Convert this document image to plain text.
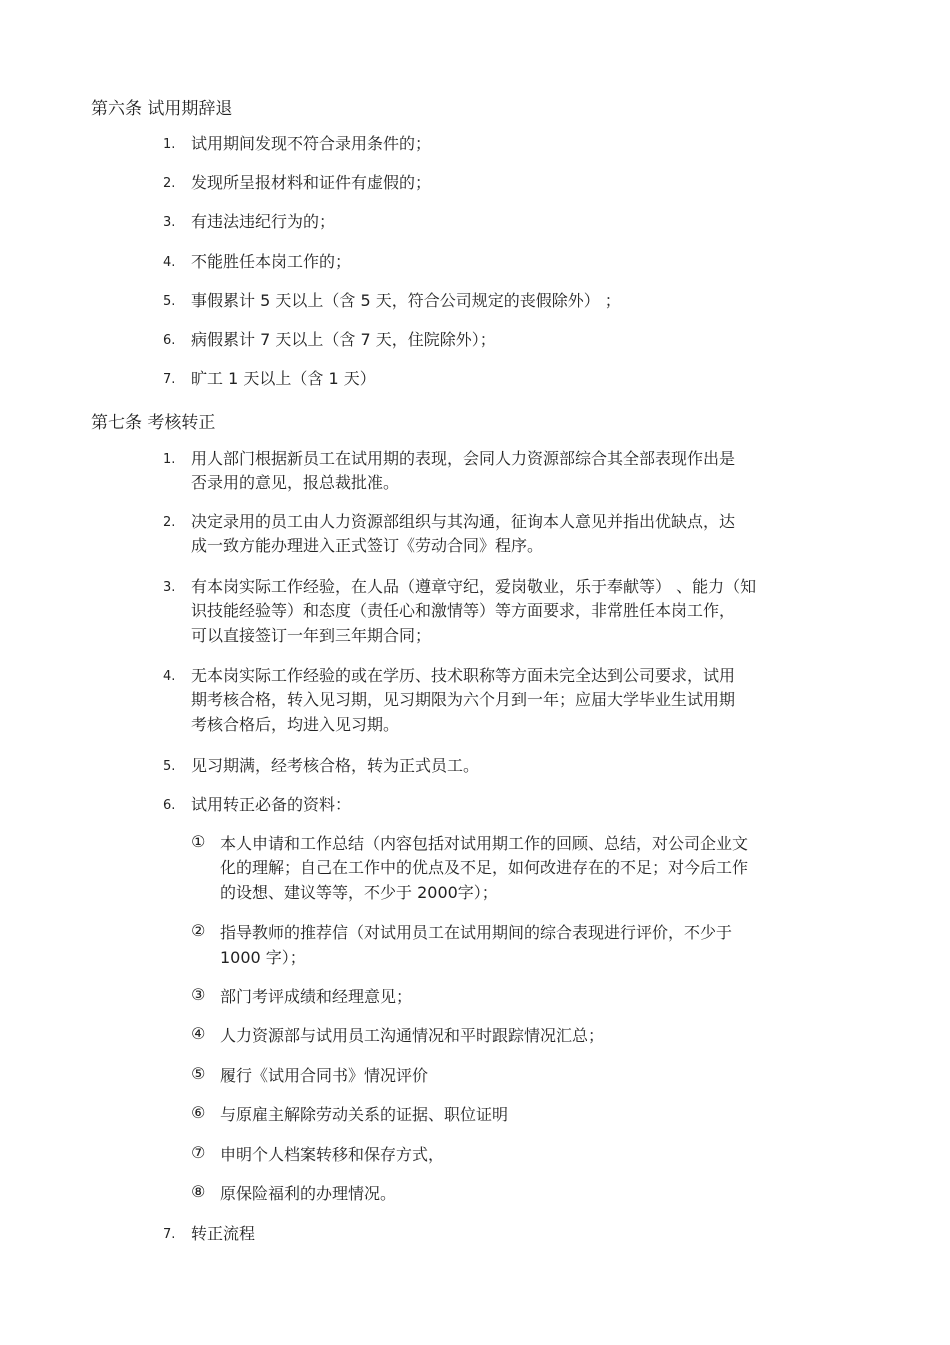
第六条 试用期辞退
1. 试用期间发现不符合录用条件的；
2. 发现所呈报材料和证件有虚假的；
3. 有违法违纪行为的；
4. 不能胜任本岗工作的；
5. 事假累计 5 天以上（含 5 天，符合公司规定的丧假除外） ；
6. 病假累计 7 天以上（含 7 天，住院除外）；
7. 旷工 1 天以上（含 1 天）
第七条 考核转正
1. 用人部门根据新员工在试用期的表现，会同人力资源部综合其全部表现作出是
否录用的意见，报总裁批准。
2. 决定录用的员工由人力资源部组织与其沟通，征询本人意见并指出优缺点，达
成一致方能办理进入正式签订《劳动合同》程序。
3. 有本岗实际工作经验，在人品（遵章守纪，爱岗敬业，乐于奉献等） 、能力（知
识技能经验等）和态度（责任心和激情等）等方面要求，非常胜任本岗工作，
可以直接签订一年到三年期合同；
4. 无本岗实际工作经验的或在学历、技术职称等方面未完全达到公司要求，试用
期考核合格，转入见习期，见习期限为六个月到一年；应届大学毕业生试用期
考核合格后，均进入见习期。
5. 见习期满，经考核合格，转为正式员工。
6. 试用转正必备的资料：
① 本人申请和工作总结（内容包括对试用期工作的回顾、总结，对公司企业文
化的理解；自己在工作中的优点及不足，如何改进存在的不足；对今后工作
的设想、建议等等，不少于 2000字）；
② 指导教师的推荐信（对试用员工在试用期间的综合表现进行评价，不少于
1000 字）；
③ 部门考评成绩和经理意见；
④ 人力资源部与试用员工沟通情况和平时跟踪情况汇总；
⑤ 履行《试用合同书》情况评价
⑥ 与原雇主解除劳动关系的证据、职位证明
⑦ 申明个人档案转移和保存方式，
⑧ 原保险福利的办理情况。
7. 转正流程
